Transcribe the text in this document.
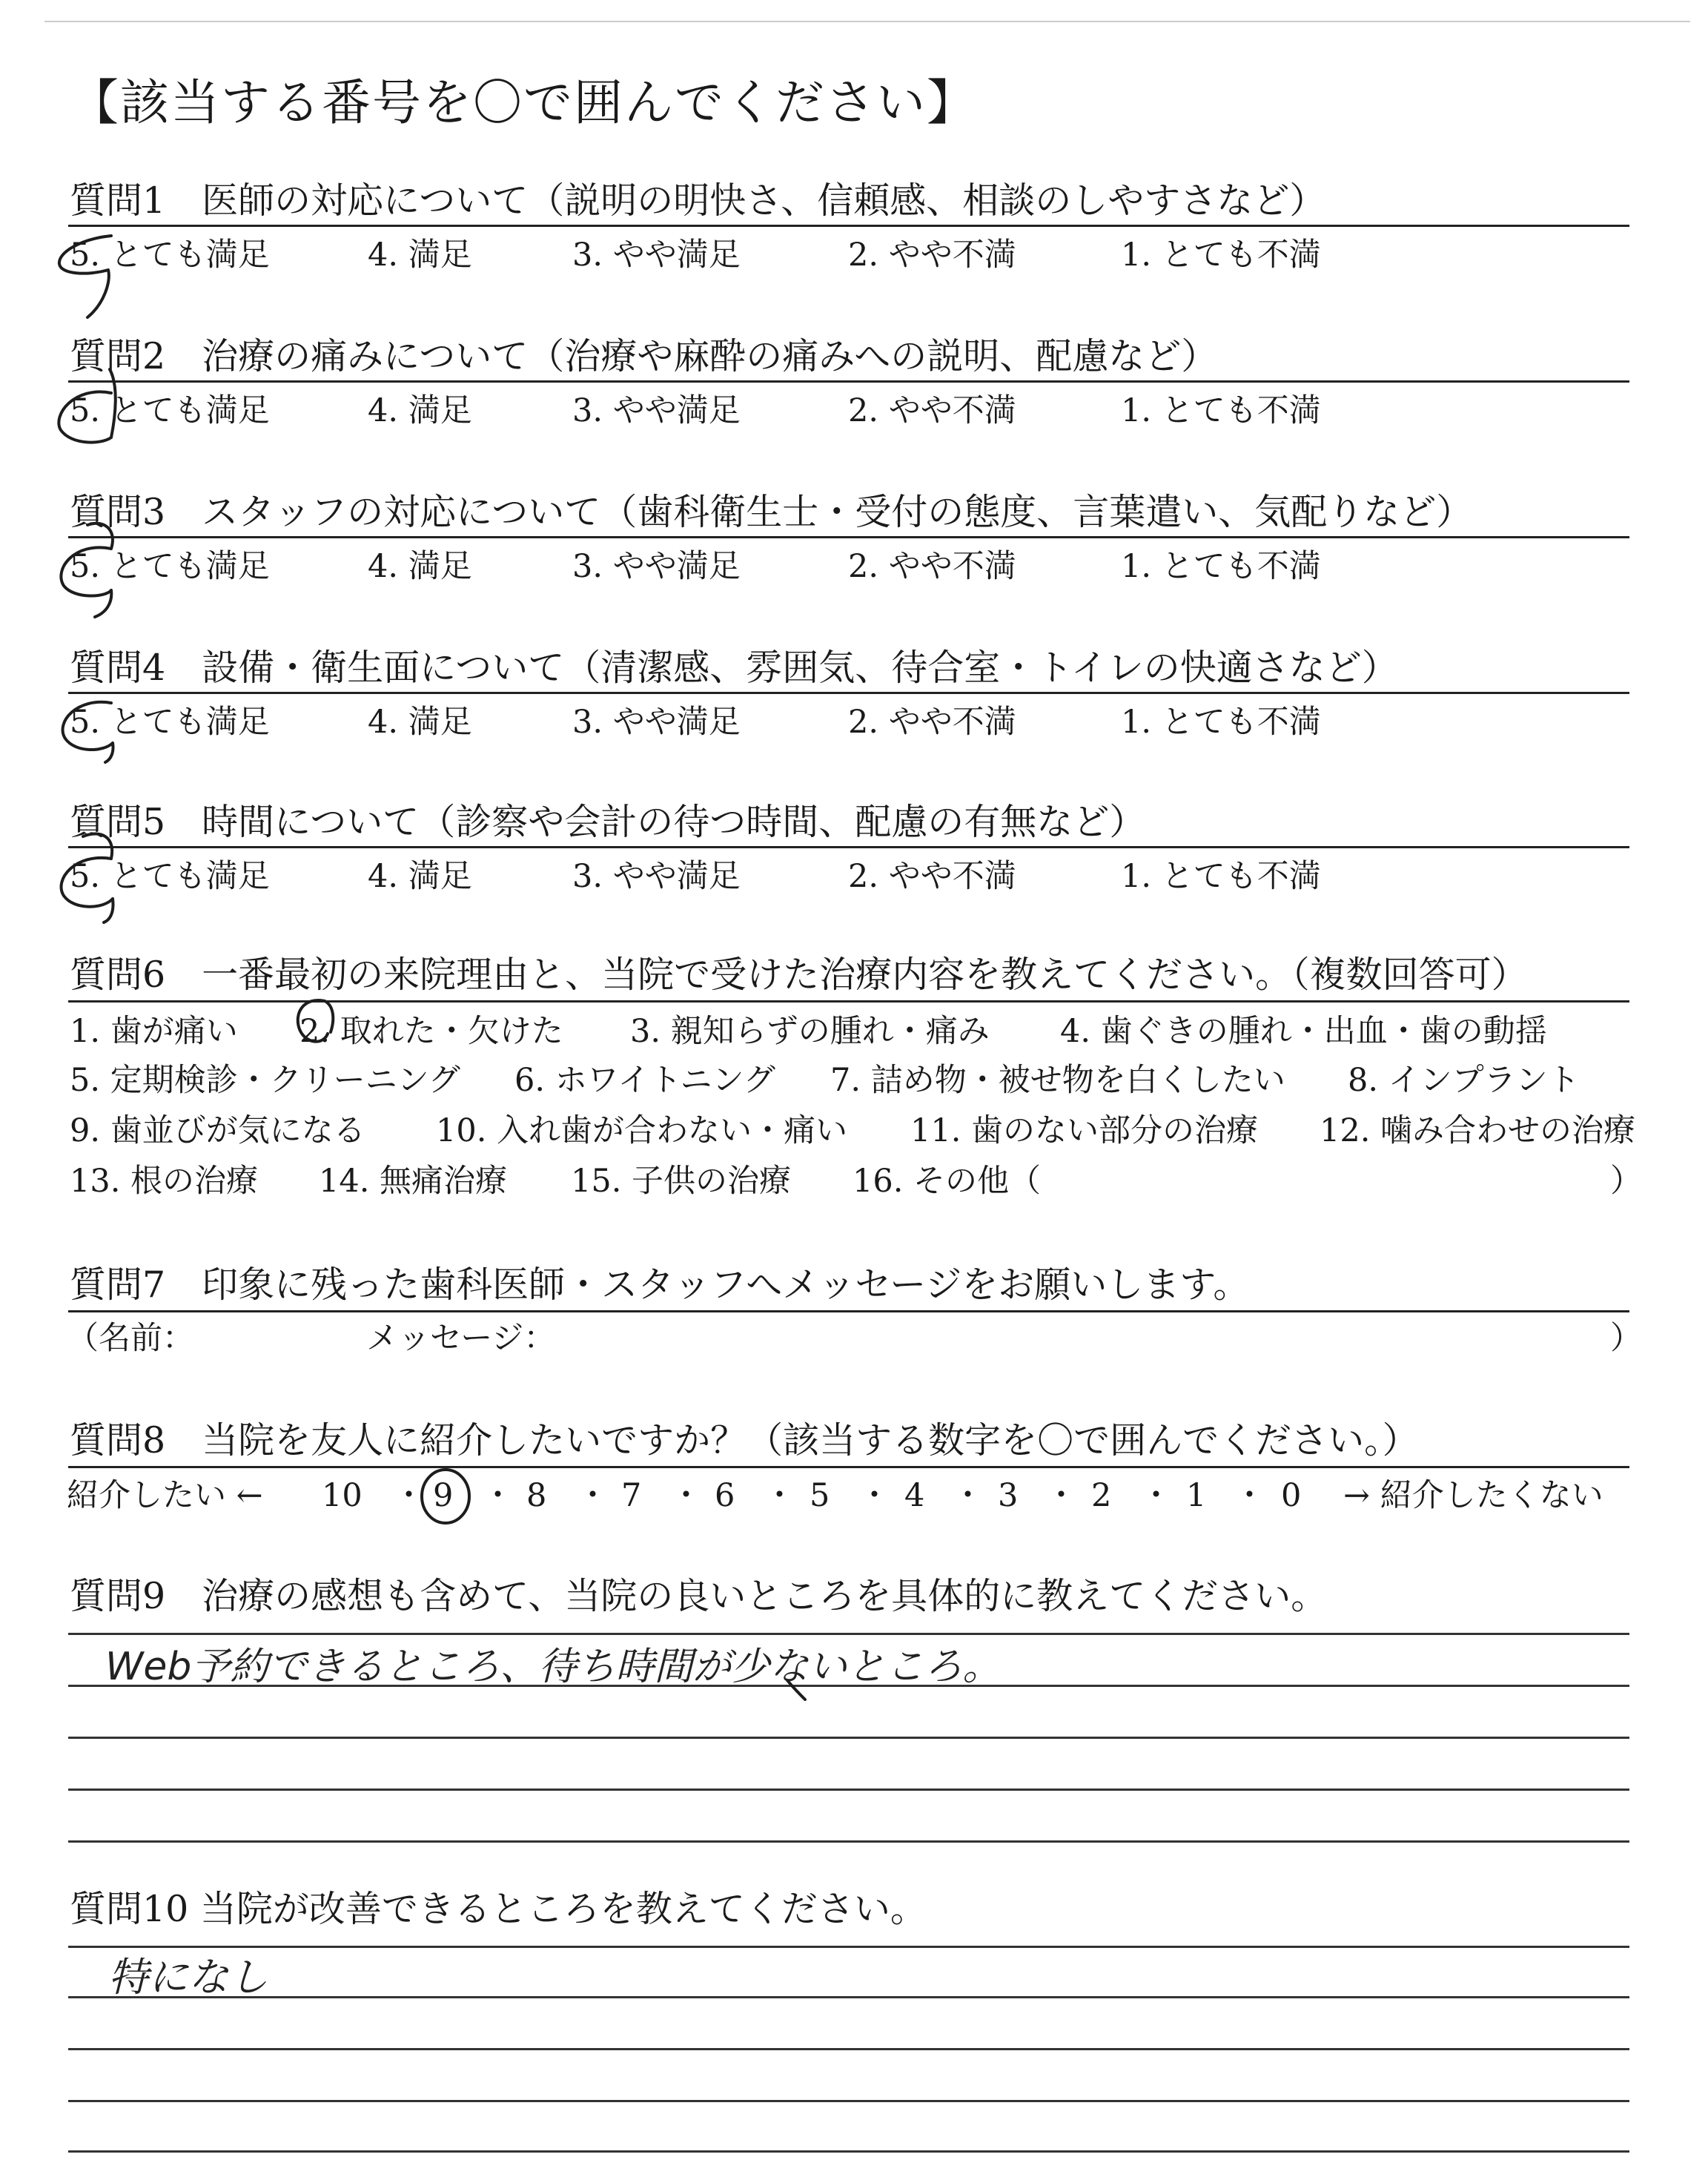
【該当する番号を〇で囲んでください】
質問1　医師の対応について（説明の明快さ、信頼感、相談のしやすさなど）
5. とても満足	4. 満足	3. やや満足	2. やや不満	1. とても不満
質問2　治療の痛みについて（治療や麻酔の痛みへの説明、配慮など）
5. とても満足	4. 満足	3. やや満足	2. やや不満	1. とても不満
質問3　スタッフの対応について（歯科衛生士・受付の態度、言葉遣い、気配りなど）
5. とても満足	4. 満足	3. やや満足	2. やや不満	1. とても不満
質問4　設備・衛生面について（清潔感、雰囲気、待合室・トイレの快適さなど）
5. とても満足	4. 満足	3. やや満足	2. やや不満	1. とても不満
質問5　時間について（診察や会計の待つ時間、配慮の有無など）
5. とても満足	4. 満足	3. やや満足	2. やや不満	1. とても不満
質問6　一番最初の来院理由と、当院で受けた治療内容を教えてください。（複数回答可）
1. 歯が痛い 2. 取れた・欠けた 3. 親知らずの腫れ・痛み 4. 歯ぐきの腫れ・出血・歯の動揺
5. 定期検診・クリーニング 6. ホワイトニング 7. 詰め物・被せ物を白くしたい 8. インプラント
9. 歯並びが気になる 10. 入れ歯が合わない・痛い 11. 歯のない部分の治療 12. 噛み合わせの治療
13. 根の治療 14. 無痛治療 15. 子供の治療 16. その他（	）
質問7　印象に残った歯科医師・スタッフへメッセージをお願いします。
（名前：	メッセージ：	）
質問8　当院を友人に紹介したいですか？（該当する数字を〇で囲んでください。）
紹介したい ← 10 ・ 9 ・ 8 ・ 7 ・ 6 ・ 5 ・ 4 ・ 3 ・ 2 ・ 1 ・ 0 → 紹介したくない
質問9　治療の感想も含めて、当院の良いところを具体的に教えてください。
Web予約できるところ、待ち時間が少ないところ。
質問10 当院が改善できるところを教えてください。
特になし
